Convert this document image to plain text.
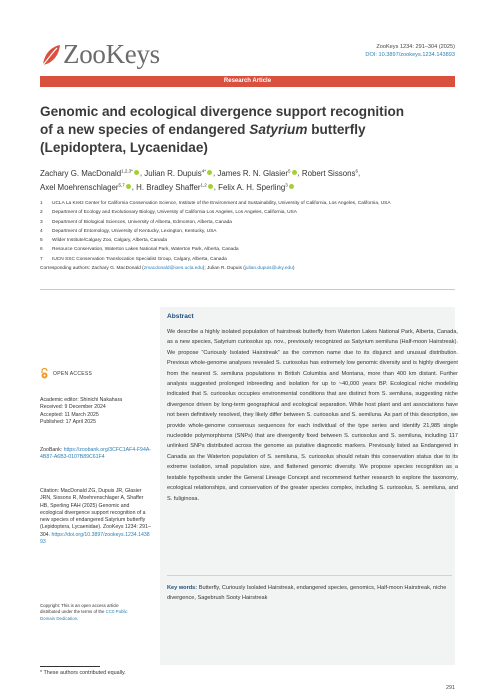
ZooKeys	ZooKeys 1234: 291–304 (2025)
DOI: 10.3897/zookeys.1234.143893
Research Article
Genomic and ecological divergence support recognition
of a new species of endangered Satyrium butterfly
(Lepidoptera, Lycaenidae)
Zachary G. MacDonald$^{1,2,3*}$ , Julian R. Dupuis$^{4*}$ , James R. N. Glasier$^5$ , Robert Sissons$^6$,
Axel Moehrenschlager$^{5,7}$ , H. Bradley Shaffer$^{1,2}$ , Felix A. H. Sperling$^3$
1	UCLA La Kretz Center for California Conservation Science, Institute of the Environment and Sustainability, University of California, Los Angeles, California, USA
2	Department of Ecology and Evolutionary Biology, University of California Los Angeles, Los Angeles, California, USA
3	Department of Biological Sciences, University of Alberta, Edmonton, Alberta, Canada
4	Department of Entomology, University of Kentucky, Lexington, Kentucky, USA
5	Wilder Institute/Calgary Zoo, Calgary, Alberta, Canada
6	Resource Conservation, Waterton Lakes National Park, Waterton Park, Alberta, Canada
7	IUCN SSC Conservation Translocation Specialist Group, Calgary, Alberta, Canada
Corresponding authors: Zachary G. MacDonald (zmacdonald@ioes.ucla.edu); Julian R. Dupuis (julian.dupuis@uky.edu)
OPEN ACCESS
Academic editor: Shinichi Nakahara
Received: 9 December 2024
Accepted: 11 March 2025
Published: 17 April 2025
ZooBank: https://zoobank.org/3CFC1AF4-F94A-4B87-A6B3-0107B89C61F4
Citation: MacDonald ZG, Dupuis JR, Glasier JRN, Sissons R, Moehrenschlager A, Shaffer HB, Sperling FAH (2025) Genomic and ecological divergence support recognition of a new species of endangered Satyrium butterfly (Lepidoptera, Lycaenidae). ZooKeys 1234: 291–304. https://doi.org/10.3897/zookeys.1234.143893
Copyright: This is an open access article distributed under the terms of the CC0 Public Domain Dedication.
Abstract

We describe a highly isolated population of hairstreak butterfly from Waterton Lakes National Park, Alberta, Canada, as a new species, Satyrium curiosolus sp. nov., previously recognized as Satyrium semiluna (Half-moon Hairstreak). We propose “Curiously Isolated Hairstreak” as the common name due to its disjunct and unusual distribution. Previous whole-genome analyses revealed S. curiosolus has extremely low genomic diversity and is highly divergent from the nearest S. semiluna populations in British Columbia and Montana, more than 400 km distant. Further analysis suggested prolonged inbreeding and isolation for up to ~40,000 years BP. Ecological niche modeling indicated that S. curiosolus occupies environmental conditions that are distinct from S. semiluna, suggesting niche divergence driven by long-term geographical and ecological separation. While host plant and ant associations have not been definitively resolved, they likely differ between S. curiosolus and S. semiluna. As part of this description, we provide whole-genome consensus sequences for each individual of the type series and identify 21,985 single nucleotide polymorphisms (SNPs) that are divergently fixed between S. curiosolus and S. semiluna, including 117 unlinked SNPs distributed across the genome as putative diagnostic markers. Previously listed as Endangered in Canada as the Waterton population of S. semiluna, S. curiosolus should retain this conservation status due to its extreme isolation, small population size, and flattened genomic diversity. We propose species recognition as a testable hypothesis under the General Lineage Concept and recommend further research to explore the taxonomy, ecological relationships, and conservation of the greater species complex, including S. curiosolus, S. semiluna, and S. fuliginosa.

Key words: Butterfly, Curiously Isolated Hairstreak, endangered species, genomics, Half-moon Hairstreak, niche divergence, Sagebrush Sooty Hairstreak
* These authors contributed equally.
291
